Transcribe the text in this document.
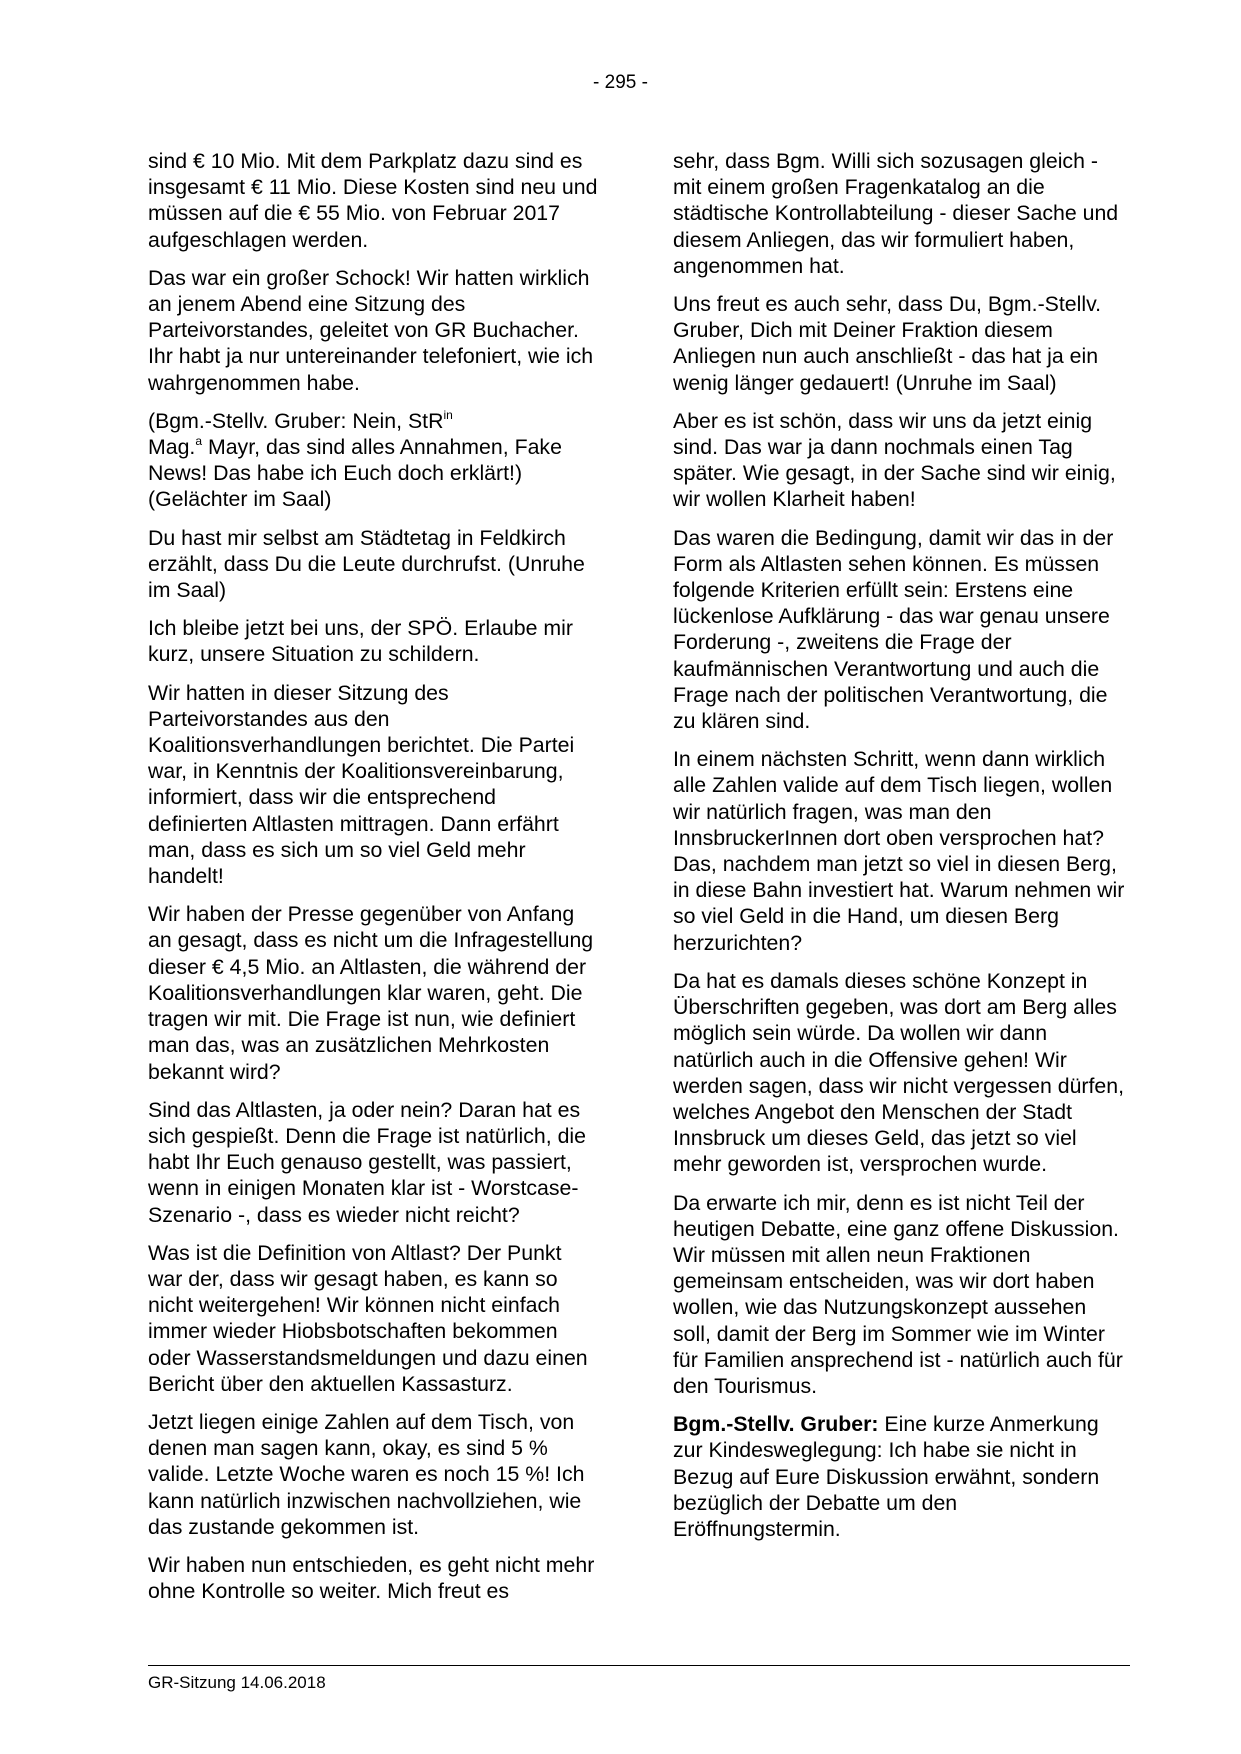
- 295 -

sind € 10 Mio. Mit dem Parkplatz dazu sind es insgesamt € 11 Mio. Diese Kosten sind neu und müssen auf die € 55 Mio. von Februar 2017 aufgeschlagen werden.

Das war ein großer Schock! Wir hatten wirklich an jenem Abend eine Sitzung des Parteivorstandes, geleitet von GR Buchacher. Ihr habt ja nur untereinander telefoniert, wie ich wahrgenommen habe.

(Bgm.-Stellv. Gruber: Nein, StR$^{in}$
Mag.$^a$ Mayr, das sind alles Annahmen, Fake News! Das habe ich Euch doch erklärt!) (Gelächter im Saal)

Du hast mir selbst am Städtetag in Feldkirch erzählt, dass Du die Leute durchrufst. (Unruhe im Saal)

Ich bleibe jetzt bei uns, der SPÖ. Erlaube mir kurz, unsere Situation zu schildern.

Wir hatten in dieser Sitzung des Parteivorstandes aus den Koalitionsverhandlungen berichtet. Die Partei war, in Kenntnis der Koalitionsvereinbarung, informiert, dass wir die entsprechend definierten Altlasten mittragen. Dann erfährt man, dass es sich um so viel Geld mehr handelt!

Wir haben der Presse gegenüber von Anfang an gesagt, dass es nicht um die Infragestellung dieser € 4,5 Mio. an Altlasten, die während der Koalitionsverhandlungen klar waren, geht. Die tragen wir mit. Die Frage ist nun, wie definiert man das, was an zusätzlichen Mehrkosten bekannt wird?

Sind das Altlasten, ja oder nein? Daran hat es sich gespießt. Denn die Frage ist natürlich, die habt Ihr Euch genauso gestellt, was passiert, wenn in einigen Monaten klar ist - Worstcase-Szenario -, dass es wieder nicht reicht?

Was ist die Definition von Altlast? Der Punkt war der, dass wir gesagt haben, es kann so nicht weitergehen! Wir können nicht einfach immer wieder Hiobsbotschaften bekommen oder Wasserstandsmeldungen und dazu einen Bericht über den aktuellen Kassasturz.

Jetzt liegen einige Zahlen auf dem Tisch, von denen man sagen kann, okay, es sind 5 % valide. Letzte Woche waren es noch 15 %! Ich kann natürlich inzwischen nachvollziehen, wie das zustande gekommen ist.

Wir haben nun entschieden, es geht nicht mehr ohne Kontrolle so weiter. Mich freut es

sehr, dass Bgm. Willi sich sozusagen gleich - mit einem großen Fragenkatalog an die städtische Kontrollabteilung - dieser Sache und diesem Anliegen, das wir formuliert haben, angenommen hat.

Uns freut es auch sehr, dass Du, Bgm.-Stellv. Gruber, Dich mit Deiner Fraktion diesem Anliegen nun auch anschließt - das hat ja ein wenig länger gedauert! (Unruhe im Saal)

Aber es ist schön, dass wir uns da jetzt einig sind. Das war ja dann nochmals einen Tag später. Wie gesagt, in der Sache sind wir einig, wir wollen Klarheit haben!

Das waren die Bedingung, damit wir das in der Form als Altlasten sehen können. Es müssen folgende Kriterien erfüllt sein: Erstens eine lückenlose Aufklärung - das war genau unsere Forderung -, zweitens die Frage der kaufmännischen Verantwortung und auch die Frage nach der politischen Verantwortung, die zu klären sind.

In einem nächsten Schritt, wenn dann wirklich alle Zahlen valide auf dem Tisch liegen, wollen wir natürlich fragen, was man den InnsbruckerInnen dort oben versprochen hat? Das, nachdem man jetzt so viel in diesen Berg, in diese Bahn investiert hat. Warum nehmen wir so viel Geld in die Hand, um diesen Berg herzurichten?

Da hat es damals dieses schöne Konzept in Überschriften gegeben, was dort am Berg alles möglich sein würde. Da wollen wir dann natürlich auch in die Offensive gehen! Wir werden sagen, dass wir nicht vergessen dürfen, welches Angebot den Menschen der Stadt Innsbruck um dieses Geld, das jetzt so viel mehr geworden ist, versprochen wurde.

Da erwarte ich mir, denn es ist nicht Teil der heutigen Debatte, eine ganz offene Diskussion. Wir müssen mit allen neun Fraktionen gemeinsam entscheiden, was wir dort haben wollen, wie das Nutzungskonzept aussehen soll, damit der Berg im Sommer wie im Winter für Familien ansprechend ist - natürlich auch für den Tourismus.

Bgm.-Stellv. Gruber: Eine kurze Anmerkung zur Kindesweglegung: Ich habe sie nicht in Bezug auf Eure Diskussion erwähnt, sondern bezüglich der Debatte um den Eröffnungstermin.

GR-Sitzung 14.06.2018
